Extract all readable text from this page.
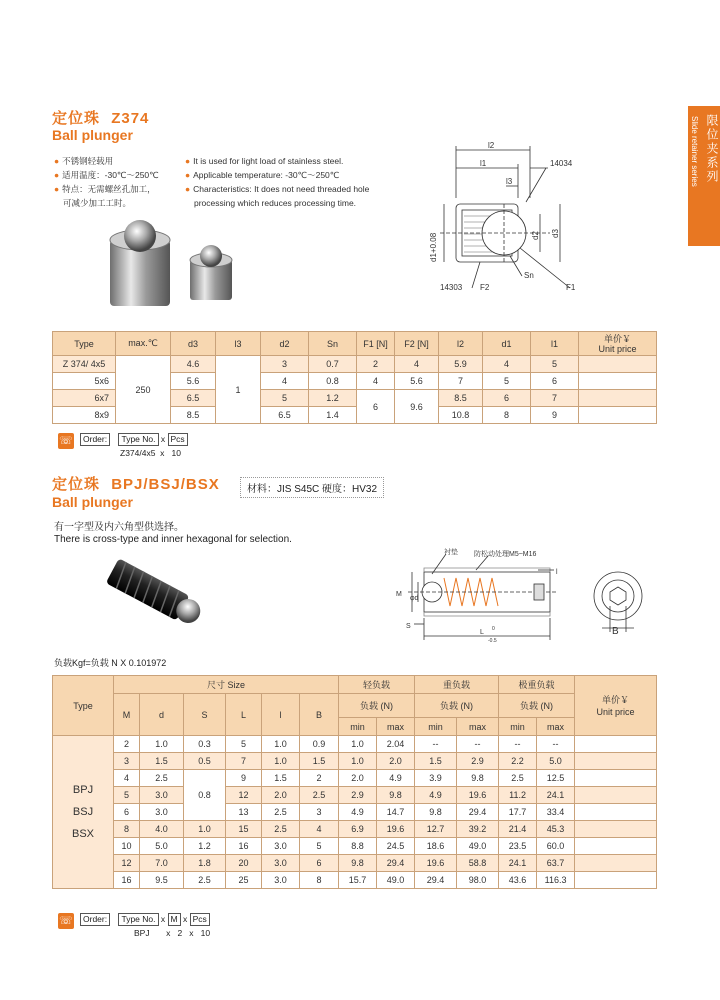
限位夹系列
Slide retainer series
定位珠 Z374
Ball plunger
● 不锈钢轻载用
● 适用温度：-30℃～250℃
● 特点：无需螺丝孔加工，
可减少加工工时。
● It is used for light load of stainless steel.
● Applicable temperature: -30℃～250℃
● Characteristics: It does not need threaded hole
processing which reduces processing time.
l2
l1
l3
14034
14303
d1+0.08	d2 d3
Sn
F1
F2
Type	max.℃	d3	l3	d2	Sn	F1 [N]	F2 [N]	l2	d1	l1	单价￥
Unit price
Z 374/ 4x5	250	4.6	1	3	0.7	2	4	5.9	4	5	
5x6		5.6		4	0.8	4	5.6	7	5	6	
6x7		6.5		5	1.2	6	9.6	8.5	6	7	
8x9		8.5		6.5	1.4			10.8	8	9	
☏	Order: Type No. x Pcs
Z374/4x5  x   10
定位珠 BPJ/BSJ/BSX	材料：JIS S45C 硬度：HV32
Ball plunger
有一字型及内六角型供选择。
There is cross-type and inner hexagonal for selection.
衬垫 防松动处理M5~M16
l
M
φd
S
L 0
-0.5
B
负载Kgf=负载 N X 0.101972
Type	尺寸 Size						轻负载		重负载		极重负载		单价￥
Unit price
	M	d	S	L	l	B	负载 (N)		负载 (N)		负载 (N)		
							min	max	min	max	min	max	
BPJ
BSJ
BSX	2	1.0	0.3	5	1.0	0.9	1.0	2.04	--	--	--	--	
	3	1.5	0.5	7	1.0	1.5	1.0	2.0	1.5	2.9	2.2	5.0	
	4	2.5	0.8	9	1.5	2	2.0	4.9	3.9	9.8	2.5	12.5	
	5	3.0		12	2.0	2.5	2.9	9.8	4.9	19.6	11.2	24.1	
	6	3.0		13	2.5	3	4.9	14.7	9.8	29.4	17.7	33.4	
	8	4.0	1.0	15	2.5	4	6.9	19.6	12.7	39.2	21.4	45.3	
	10	5.0	1.2	16	3.0	5	8.8	24.5	18.6	49.0	23.5	60.0	
	12	7.0	1.8	20	3.0	6	9.8	29.4	19.6	58.8	24.1	63.7	
	16	9.5	2.5	25	3.0	8	15.7	49.0	29.4	98.0	43.6	116.3	
☏	Order: Type No. x M x Pcs
BPJ       x   2   x   10
